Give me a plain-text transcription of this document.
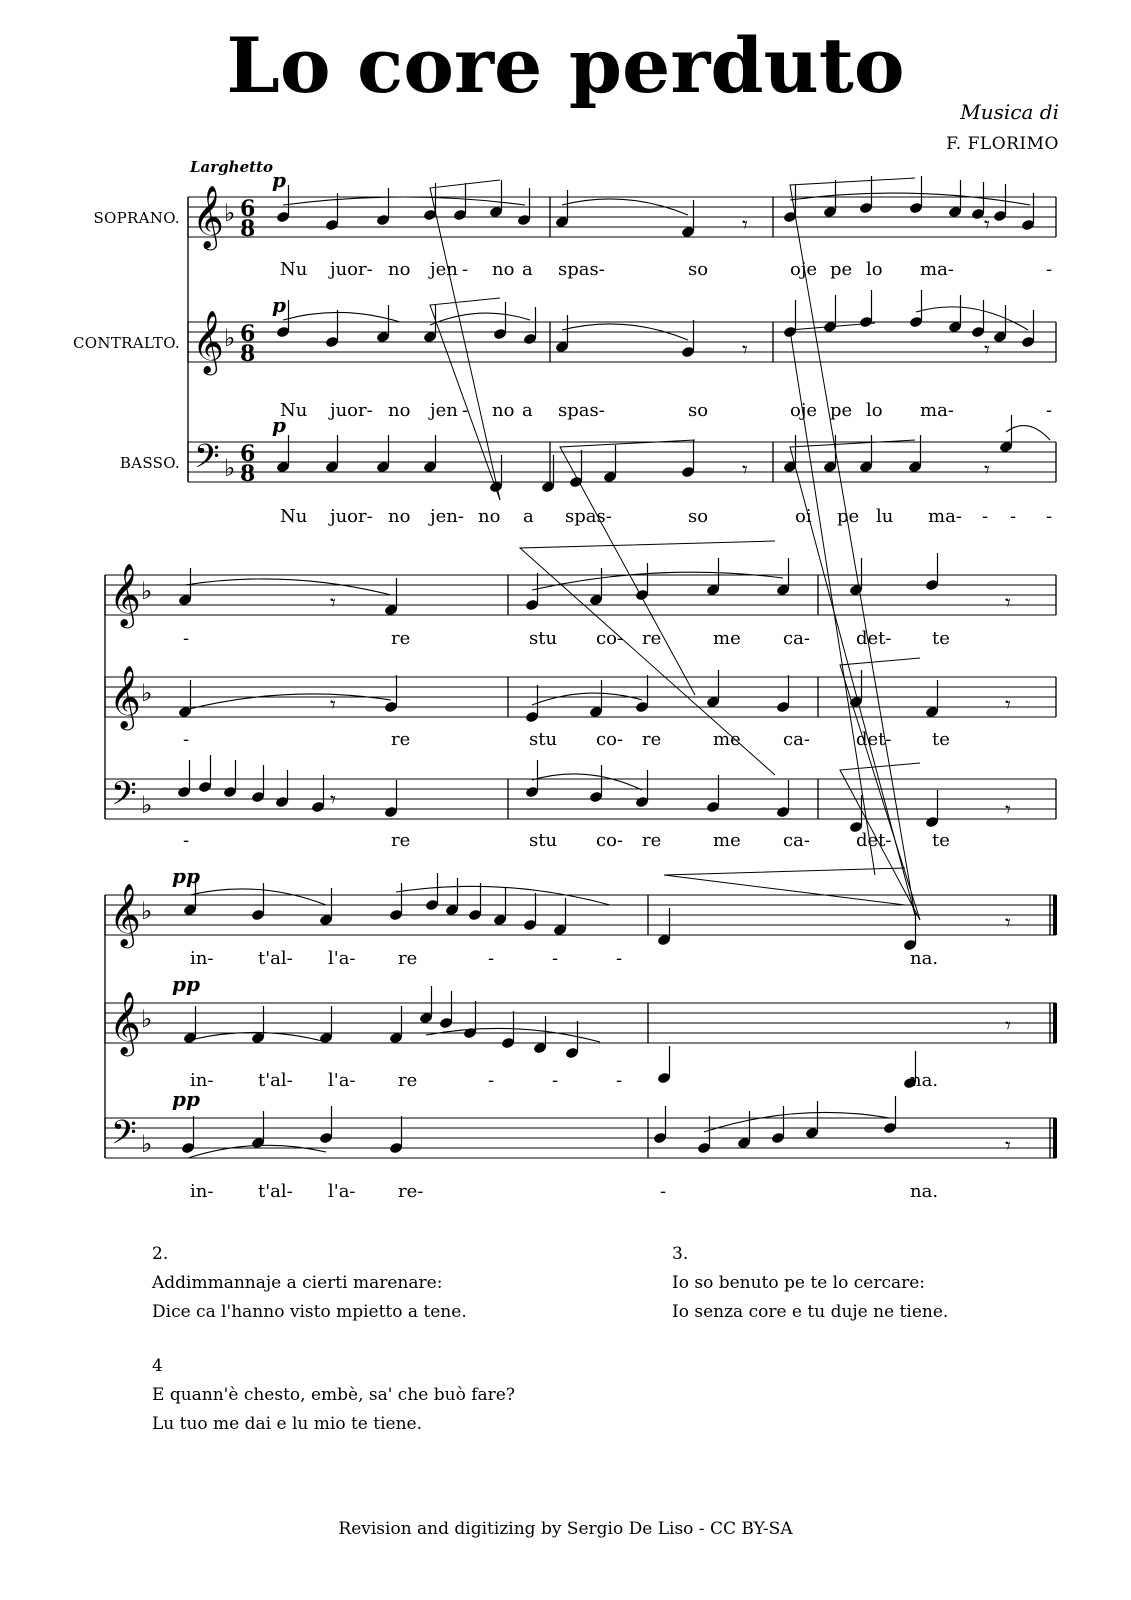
Lo core perduto
Musica di
F. FLORIMO
Larghetto
SOPRANO.
p
CONTRALTO.
p
BASSO.
p
pp
pp
pp
𝄞 ♭ 6
8
𝄞 ♭ 6
8
𝄢 ♭ 6
8
𝄞 ♭
𝄞 ♭
𝄢 ♭
𝄞 ♭
𝄞 ♭
𝄢 ♭
𝄾
𝄾
𝄾
𝄾
𝄾
𝄾
𝄾
𝄾
𝄾
𝄾
𝄾
𝄾
𝄾
𝄾
𝄾
Nu juor- no jen - no a spas-	so	oje pe lo ma-	-
Nu juor- no jen - no a spas-	so	oje pe lo ma-	-
Nu juor- no jen- no a spas-	so	oi pe lu ma- - - -
-	re	stu co- re	me ca-	det- te
-	re	stu co- re	me ca-	det- te
-	re	stu co- re	me ca-	det- te
in- t'al- l'a- re	-	-	-	na.
in- t'al- l'a- re	-	-	-	na.
in- t'al- l'a- re-	-	na.
2.
Addimmannaje a cierti marenare:
Dice ca l'hanno visto mpietto a tene.
3.
Io so benuto pe te lo cercare:
Io senza core e tu duje ne tiene.
4
E quann'è chesto, embè, sa' che buò fare?
Lu tuo me dai e lu mio te tiene.
Revision and digitizing by Sergio De Liso - CC BY-SA
